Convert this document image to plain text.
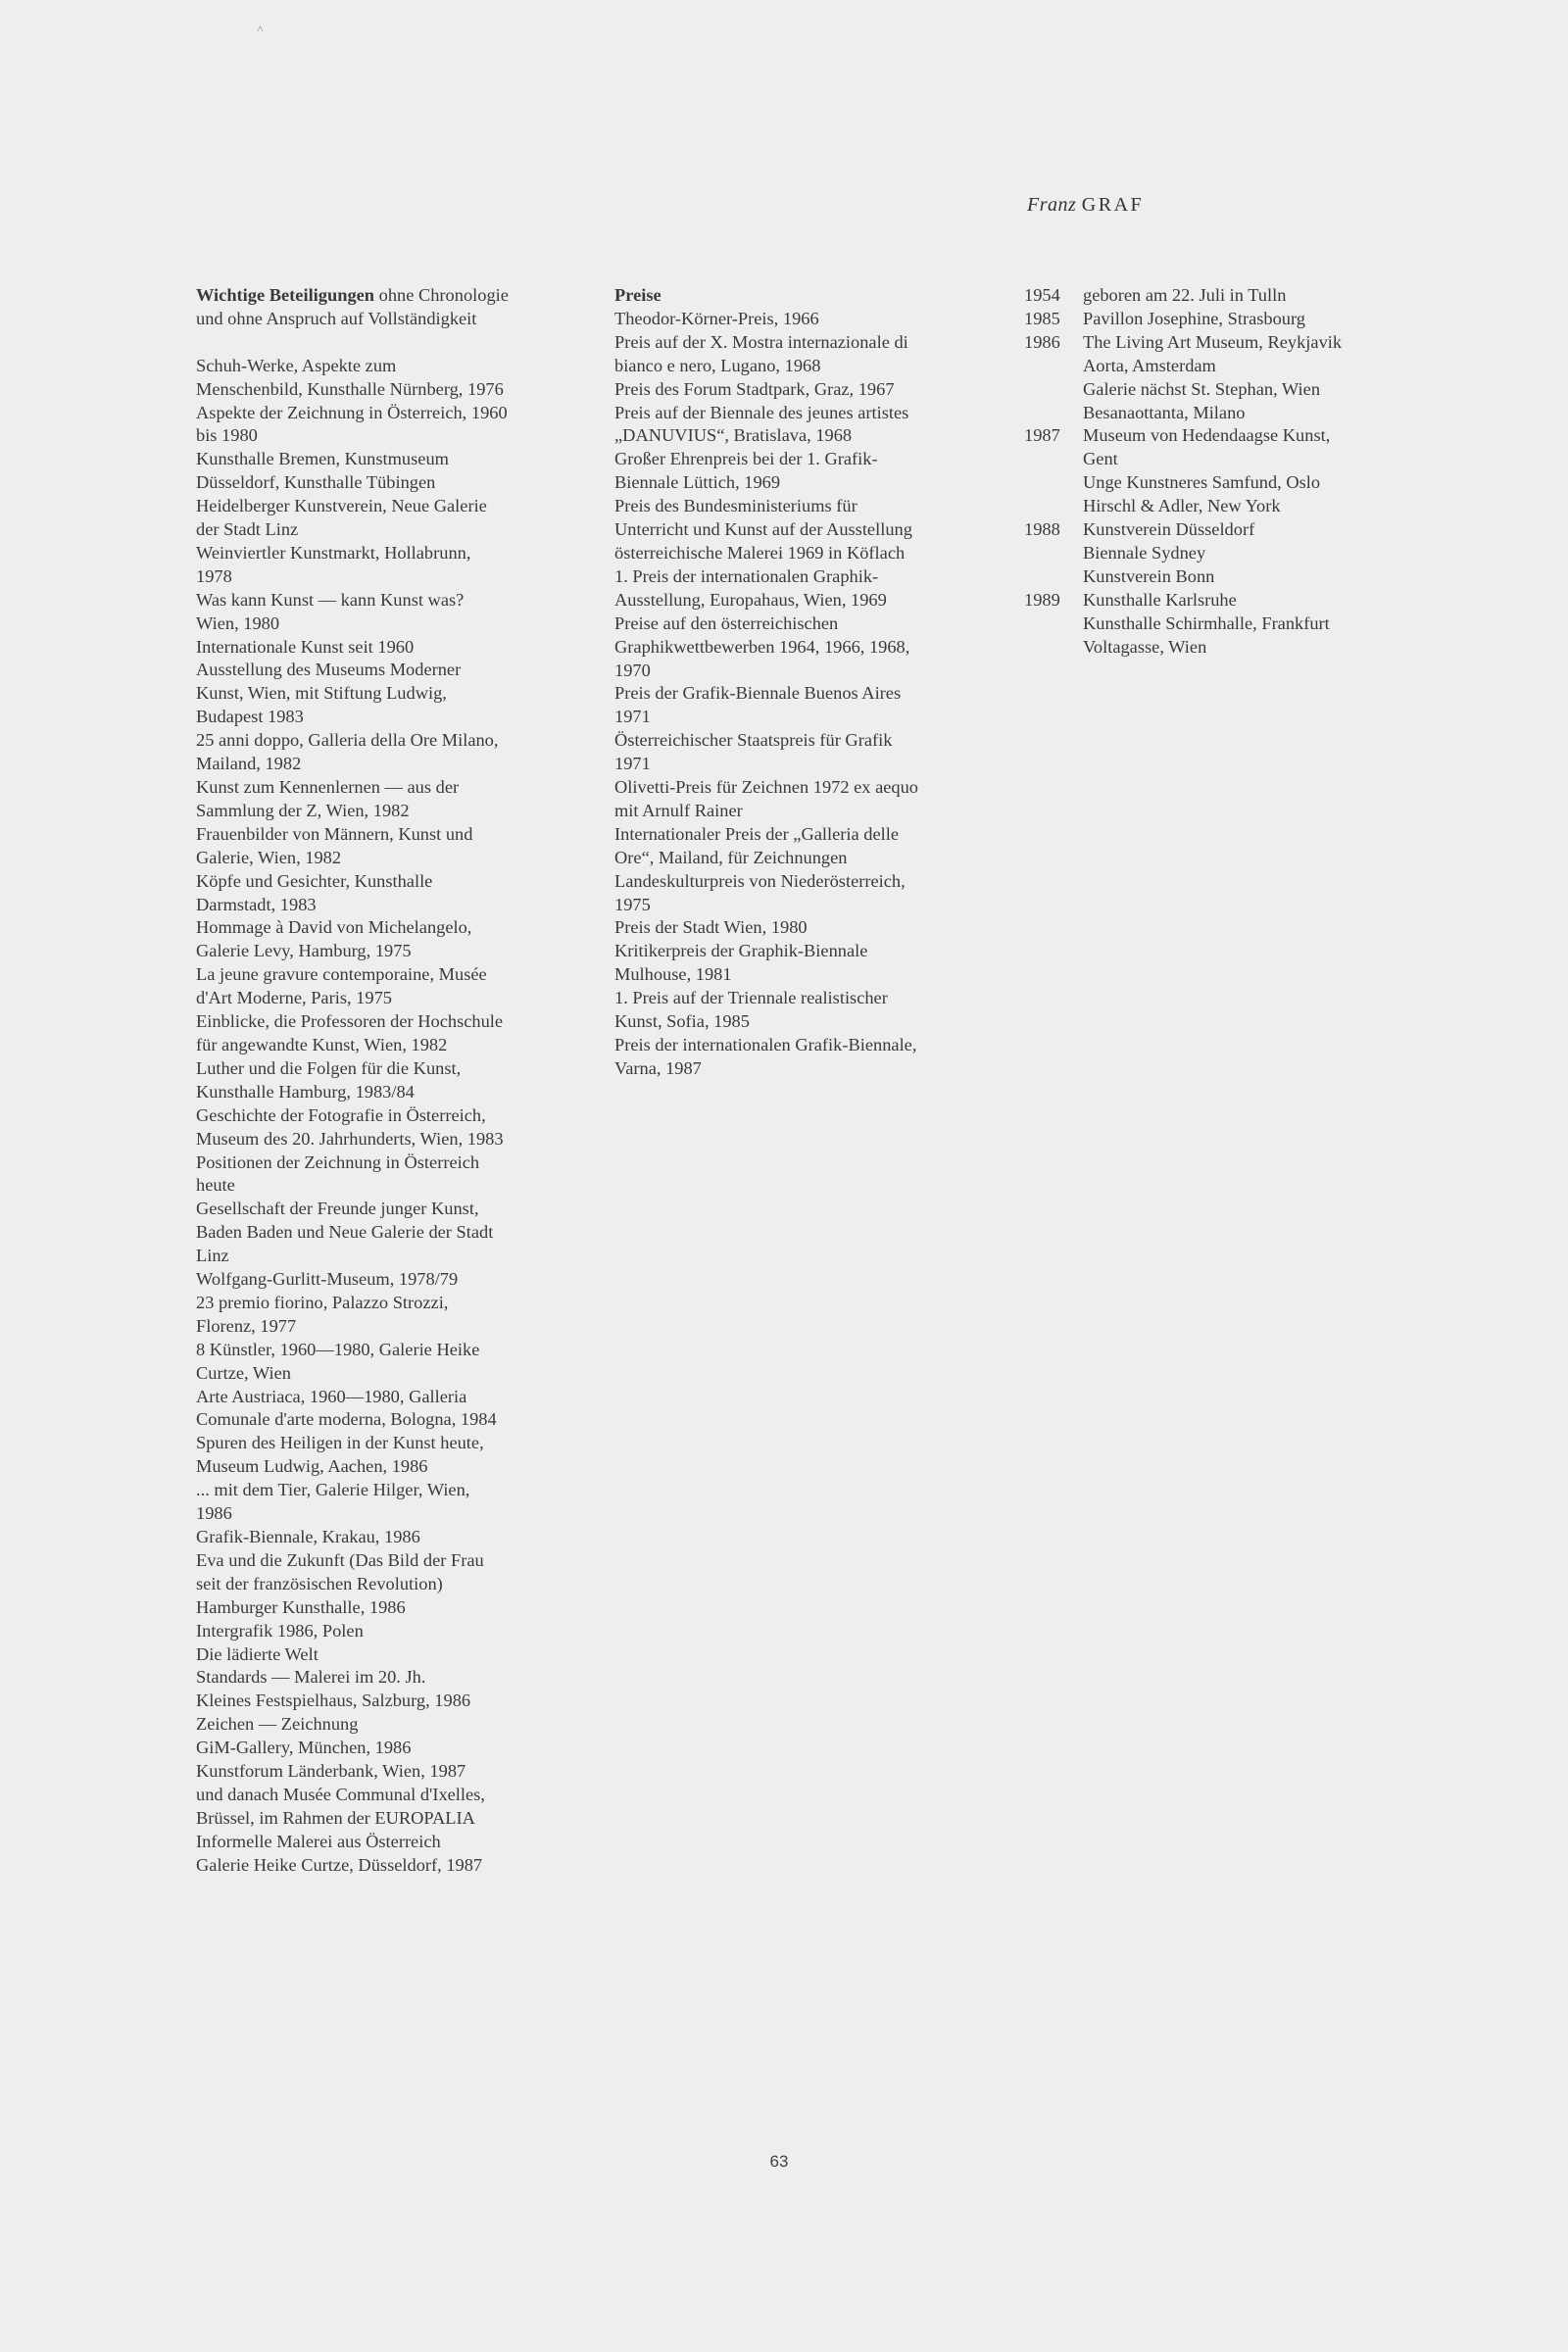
˄
Franz GRAF
Wichtige Beteiligungen ohne Chronologie
und ohne Anspruch auf Vollständigkeit
Schuh-Werke, Aspekte zum
Menschenbild, Kunsthalle Nürnberg, 1976
Aspekte der Zeichnung in Österreich, 1960
bis 1980
Kunsthalle Bremen, Kunstmuseum
Düsseldorf, Kunsthalle Tübingen
Heidelberger Kunstverein, Neue Galerie
der Stadt Linz
Weinviertler Kunstmarkt, Hollabrunn,
1978
Was kann Kunst — kann Kunst was?
Wien, 1980
Internationale Kunst seit 1960
Ausstellung des Museums Moderner
Kunst, Wien, mit Stiftung Ludwig,
Budapest 1983
25 anni doppo, Galleria della Ore Milano,
Mailand, 1982
Kunst zum Kennenlernen — aus der
Sammlung der Z, Wien, 1982
Frauenbilder von Männern, Kunst und
Galerie, Wien, 1982
Köpfe und Gesichter, Kunsthalle
Darmstadt, 1983
Hommage à David von Michelangelo,
Galerie Levy, Hamburg, 1975
La jeune gravure contemporaine, Musée
d'Art Moderne, Paris, 1975
Einblicke, die Professoren der Hochschule
für angewandte Kunst, Wien, 1982
Luther und die Folgen für die Kunst,
Kunsthalle Hamburg, 1983/84
Geschichte der Fotografie in Österreich,
Museum des 20. Jahrhunderts, Wien, 1983
Positionen der Zeichnung in Österreich
heute
Gesellschaft der Freunde junger Kunst,
Baden Baden und Neue Galerie der Stadt
Linz
Wolfgang-Gurlitt-Museum, 1978/79
23 premio fiorino, Palazzo Strozzi,
Florenz, 1977
8 Künstler, 1960—1980, Galerie Heike
Curtze, Wien
Arte Austriaca, 1960—1980, Galleria
Comunale d'arte moderna, Bologna, 1984
Spuren des Heiligen in der Kunst heute,
Museum Ludwig, Aachen, 1986
... mit dem Tier, Galerie Hilger, Wien,
1986
Grafik-Biennale, Krakau, 1986
Eva und die Zukunft (Das Bild der Frau
seit der französischen Revolution)
Hamburger Kunsthalle, 1986
Intergrafik 1986, Polen
Die lädierte Welt
Standards — Malerei im 20. Jh.
Kleines Festspielhaus, Salzburg, 1986
Zeichen — Zeichnung
GiM-Gallery, München, 1986
Kunstforum Länderbank, Wien, 1987
und danach Musée Communal d'Ixelles,
Brüssel, im Rahmen der EUROPALIA
Informelle Malerei aus Österreich
Galerie Heike Curtze, Düsseldorf, 1987
Preise
Theodor-Körner-Preis, 1966
Preis auf der X. Mostra internazionale di
bianco e nero, Lugano, 1968
Preis des Forum Stadtpark, Graz, 1967
Preis auf der Biennale des jeunes artistes
„DANUVIUS“, Bratislava, 1968
Großer Ehrenpreis bei der 1. Grafik-
Biennale Lüttich, 1969
Preis des Bundesministeriums für
Unterricht und Kunst auf der Ausstellung
österreichische Malerei 1969 in Köflach
1. Preis der internationalen Graphik-
Ausstellung, Europahaus, Wien, 1969
Preise auf den österreichischen
Graphikwettbewerben 1964, 1966, 1968,
1970
Preis der Grafik-Biennale Buenos Aires
1971
Österreichischer Staatspreis für Grafik
1971
Olivetti-Preis für Zeichnen 1972 ex aequo
mit Arnulf Rainer
Internationaler Preis der „Galleria delle
Ore“, Mailand, für Zeichnungen
Landeskulturpreis von Niederösterreich,
1975
Preis der Stadt Wien, 1980
Kritikerpreis der Graphik-Biennale
Mulhouse, 1981
1. Preis auf der Triennale realistischer
Kunst, Sofia, 1985
Preis der internationalen Grafik-Biennale,
Varna, 1987
1954	geboren am 22. Juli in Tulln
1985	Pavillon Josephine, Strasbourg
1986	The Living Art Museum, Reykjavik
Aorta, Amsterdam
Galerie nächst St. Stephan, Wien
Besanaottanta, Milano
1987	Museum von Hedendaagse Kunst,
Gent
Unge Kunstneres Samfund, Oslo
Hirschl & Adler, New York
1988	Kunstverein Düsseldorf
Biennale Sydney
Kunstverein Bonn
1989	Kunsthalle Karlsruhe
Kunsthalle Schirmhalle, Frankfurt
Voltagasse, Wien
63
